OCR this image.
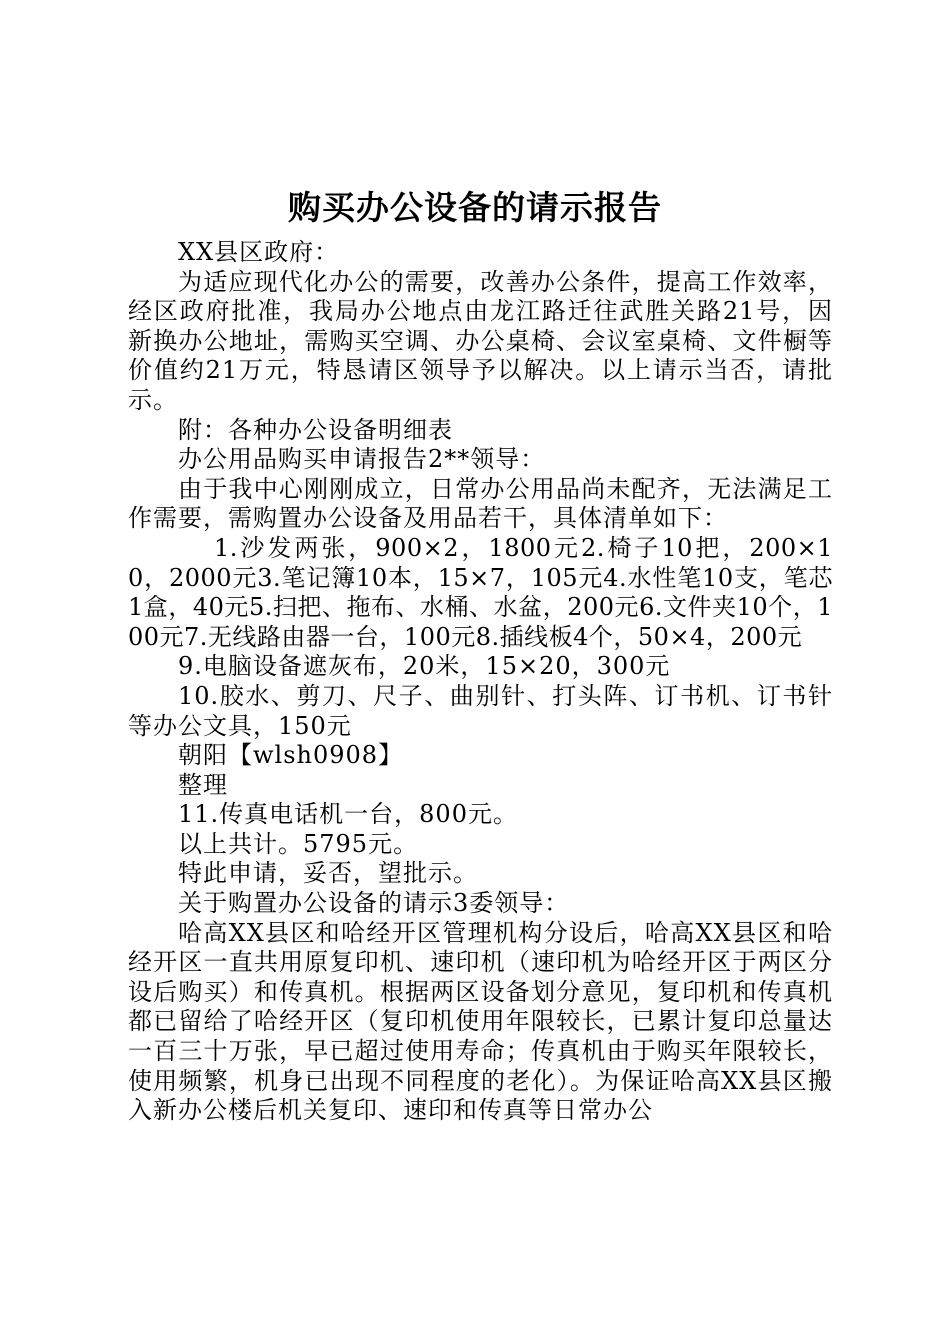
购买办公设备的请示报告

XX县区政府：

为适应现代化办公的需要，改善办公条件，提高工作效率，经区政府批准，我局办公地点由龙江路迁往武胜关路21号，因新换办公地址，需购买空调、办公桌椅、会议室桌椅、文件橱等价值约21万元，特恳请区领导予以解决。以上请示当否，请批示。

附：各种办公设备明细表

办公用品购买申请报告2**领导：

由于我中心刚刚成立，日常办公用品尚未配齐，无法满足工作需要，需购置办公设备及用品若干，具体清单如下：

1.沙发两张，900×2，1800元2.椅子10把，200×10，2000元3.笔记簿10本，15×7，105元4.水性笔10支，笔芯1盒，40元5.扫把、拖布、水桶、水盆，200元6.文件夹10个，100元7.无线路由器一台，100元8.插线板4个，50×4，200元

9.电脑设备遮灰布，20米，15×20，300元

10.胶水、剪刀、尺子、曲别针、打头阵、订书机、订书针等办公文具，150元

朝阳【wlsh0908】

整理

11.传真电话机一台，800元。

以上共计。5795元。

特此申请，妥否，望批示。

关于购置办公设备的请示3委领导：

哈高XX县区和哈经开区管理机构分设后，哈高XX县区和哈经开区一直共用原复印机、速印机（速印机为哈经开区于两区分设后购买）和传真机。根据两区设备划分意见，复印机和传真机都已留给了哈经开区（复印机使用年限较长，已累计复印总量达一百三十万张，早已超过使用寿命；传真机由于购买年限较长，使用频繁，机身已出现不同程度的老化）。为保证哈高XX县区搬入新办公楼后机关复印、速印和传真等日常办公
